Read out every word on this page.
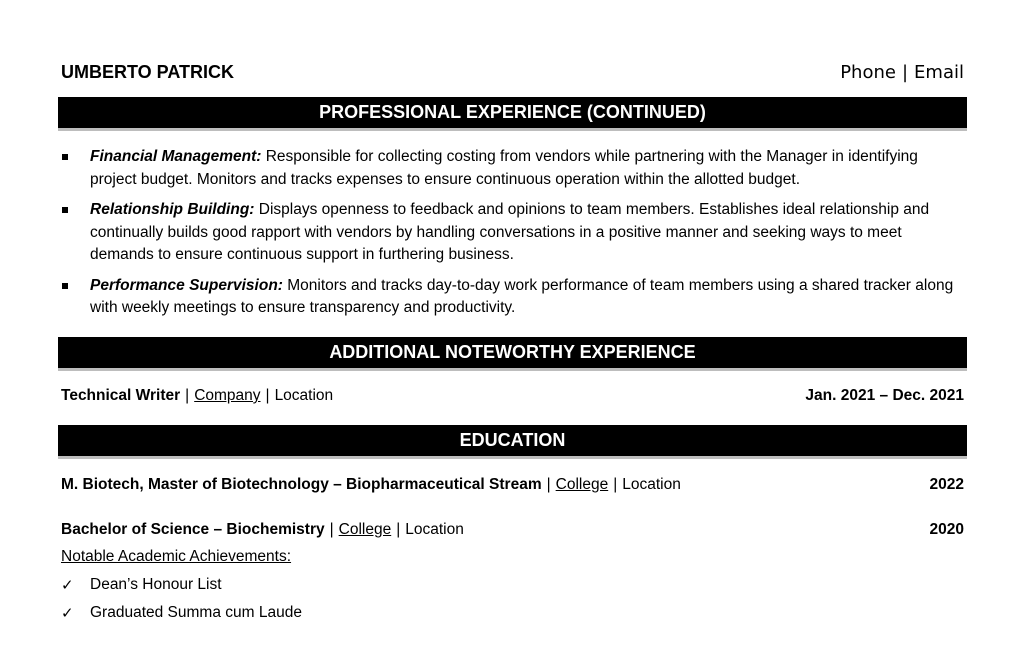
UMBERTO PATRICK	Phone | Email
PROFESSIONAL EXPERIENCE (CONTINUED)
Financial Management: Responsible for collecting costing from vendors while partnering with the Manager in identifying project budget. Monitors and tracks expenses to ensure continuous operation within the allotted budget.
Relationship Building: Displays openness to feedback and opinions to team members. Establishes ideal relationship and continually builds good rapport with vendors by handling conversations in a positive manner and seeking ways to meet demands to ensure continuous support in furthering business.
Performance Supervision: Monitors and tracks day-to-day work performance of team members using a shared tracker along with weekly meetings to ensure transparency and productivity.
ADDITIONAL NOTEWORTHY EXPERIENCE
Technical Writer | Company | Location	Jan. 2021 – Dec. 2021
EDUCATION
M. Biotech, Master of Biotechnology – Biopharmaceutical Stream | College | Location	2022
Bachelor of Science – Biochemistry | College | Location	2020
Notable Academic Achievements:
✓ Dean’s Honour List
✓ Graduated Summa cum Laude
